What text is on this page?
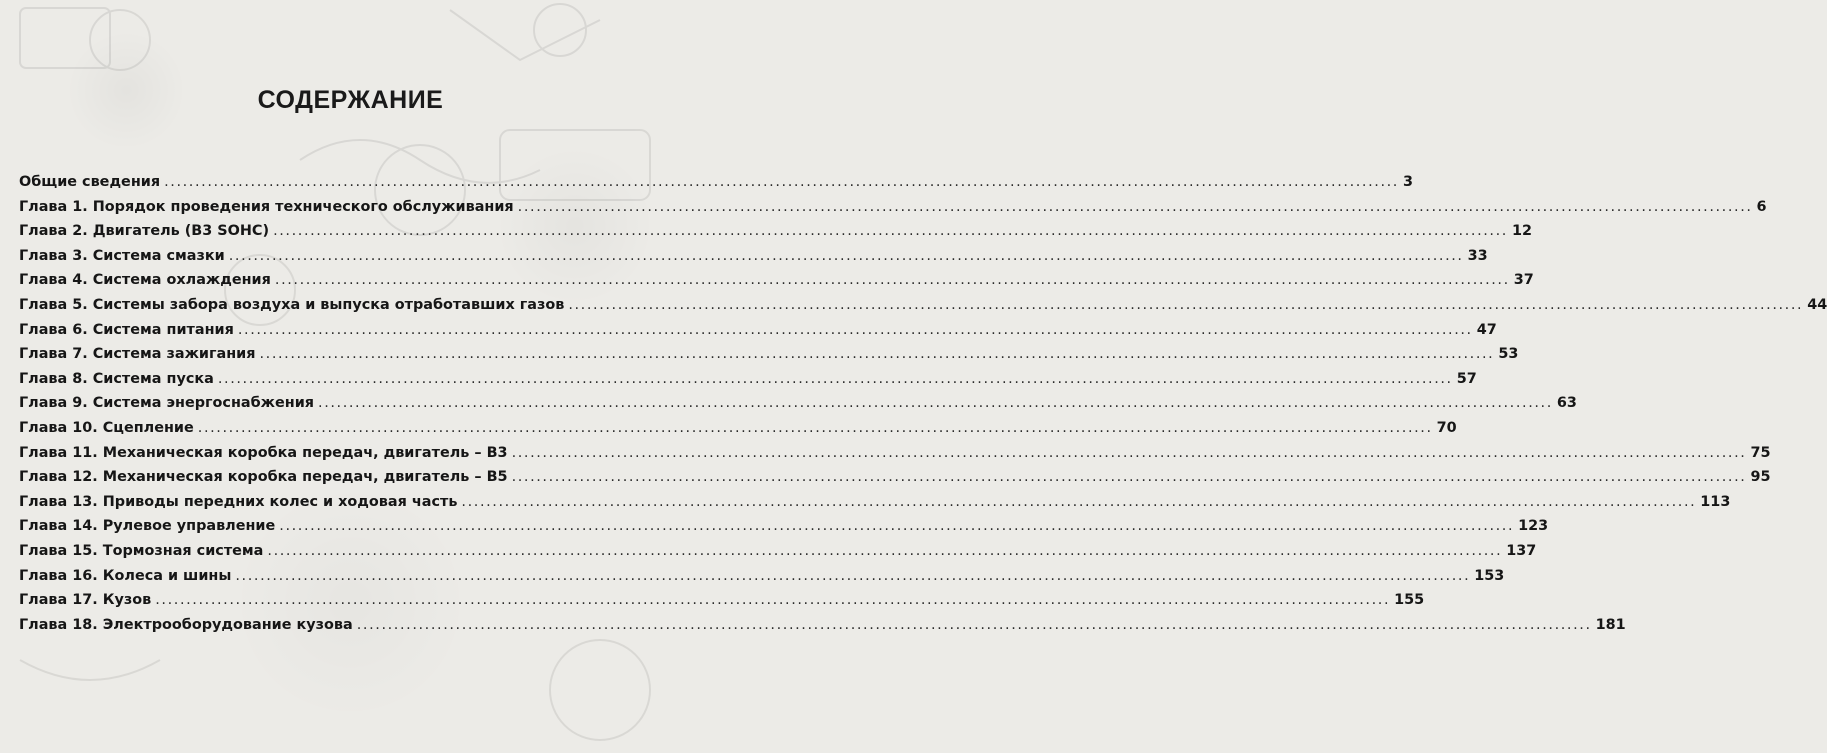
СОДЕРЖАНИЕ
Общие сведения ........................................................................................................................................................................................................ 3
Глава 1. Порядок проведения технического обслуживания ........................................................................................................................................................................................................ 6
Глава 2. Двигатель (B3 SOHC) ........................................................................................................................................................................................................ 12
Глава 3. Система смазки ........................................................................................................................................................................................................ 33
Глава 4. Система охлаждения ........................................................................................................................................................................................................ 37
Глава 5. Системы забора воздуха и выпуска отработавших газов ........................................................................................................................................................................................................ 44
Глава 6. Система питания ........................................................................................................................................................................................................ 47
Глава 7. Система зажигания ........................................................................................................................................................................................................ 53
Глава 8. Система пуска ........................................................................................................................................................................................................ 57
Глава 9. Система энергоснабжения ........................................................................................................................................................................................................ 63
Глава 10. Сцепление ........................................................................................................................................................................................................ 70
Глава 11. Механическая коробка передач, двигатель – B3 ........................................................................................................................................................................................................ 75
Глава 12. Механическая коробка передач, двигатель – B5 ........................................................................................................................................................................................................ 95
Глава 13. Приводы передних колес и ходовая часть ........................................................................................................................................................................................................ 113
Глава 14. Рулевое управление ........................................................................................................................................................................................................ 123
Глава 15. Тормозная система ........................................................................................................................................................................................................ 137
Глава 16. Колеса и шины ........................................................................................................................................................................................................ 153
Глава 17. Кузов ........................................................................................................................................................................................................ 155
Глава 18. Электрооборудование кузова ........................................................................................................................................................................................................ 181
